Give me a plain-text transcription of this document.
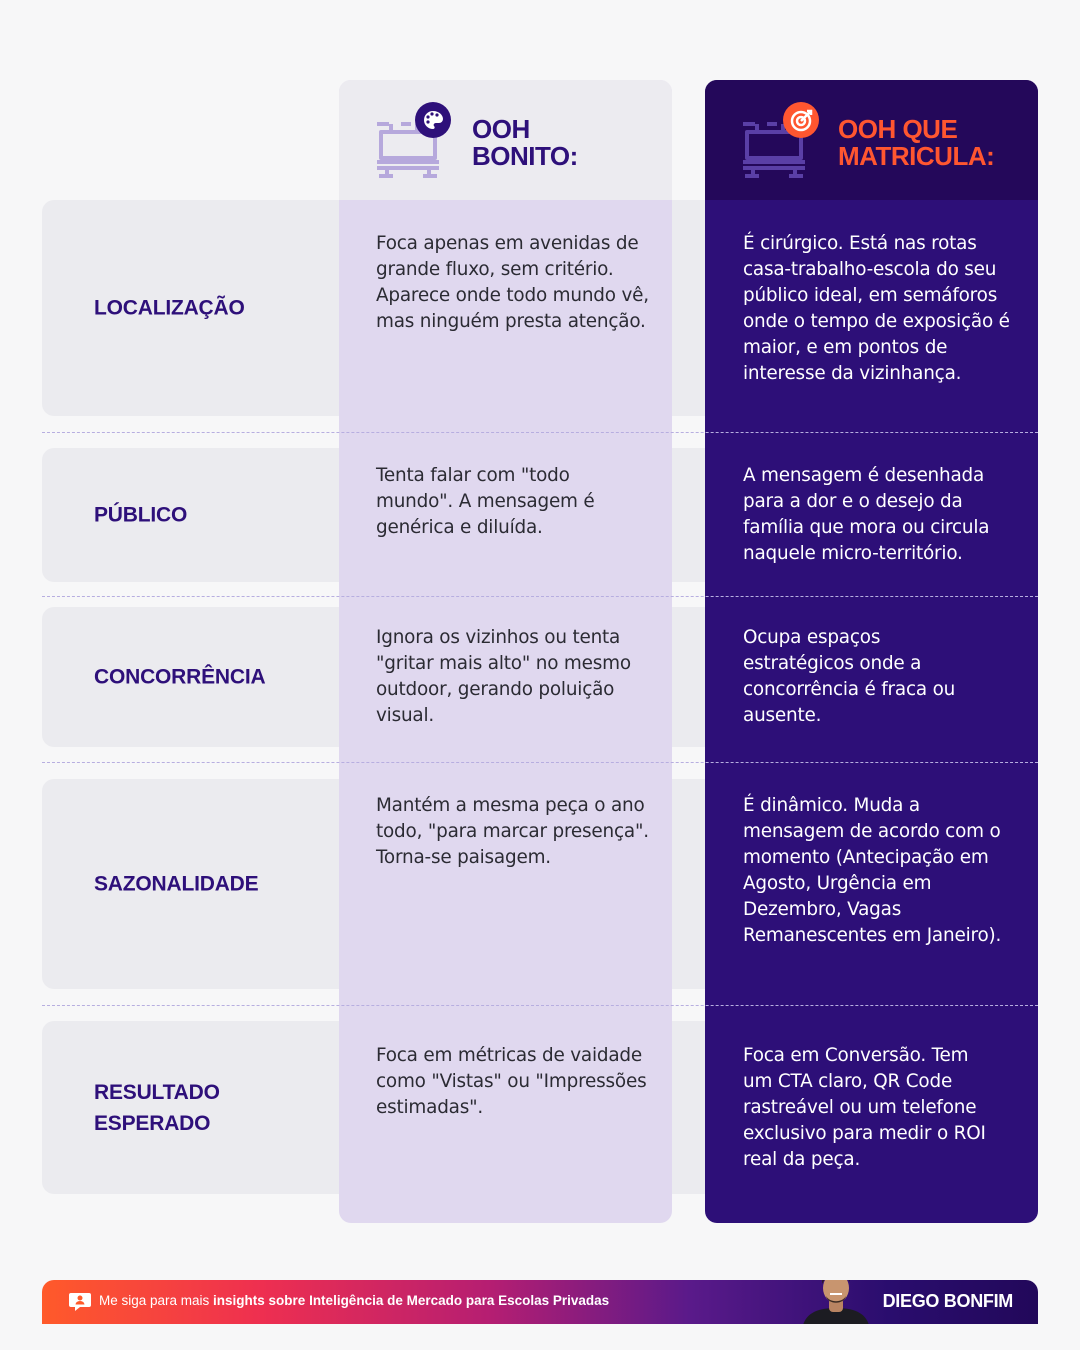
LOCALIZAÇÃO
PÚBLICO
CONCORRÊNCIA
SAZONALIDADE
RESULTADO
ESPERADO
OOH
BONITO:
OOH QUE
MATRICULA:
Foca apenas em avenidas de grande fluxo, sem critério. Aparece onde todo mundo vê, mas ninguém presta atenção.
Tenta falar com "todo mundo". A mensagem é genérica e diluída.
Ignora os vizinhos ou tenta "gritar mais alto" no mesmo outdoor, gerando poluição visual.
Mantém a mesma peça o ano todo, "para marcar presença". Torna-se paisagem.
Foca em métricas de vaidade como "Vistas" ou "Impressões estimadas".
É cirúrgico. Está nas rotas casa-trabalho-escola do seu público ideal, em semáforos onde o tempo de exposição é maior, e em pontos de interesse da vizinhança.
A mensagem é desenhada para a dor e o desejo da família que mora ou circula naquele micro-território.
Ocupa espaços estratégicos onde a concorrência é fraca ou ausente.
É dinâmico. Muda a mensagem de acordo com o momento (Antecipação em Agosto, Urgência em Dezembro, Vagas Remanescentes em Janeiro).
Foca em Conversão. Tem um CTA claro, QR Code rastreável ou um telefone exclusivo para medir o ROI real da peça.
Me siga para mais insights sobre Inteligência de Mercado para Escolas Privadas	DIEGO BONFIM
